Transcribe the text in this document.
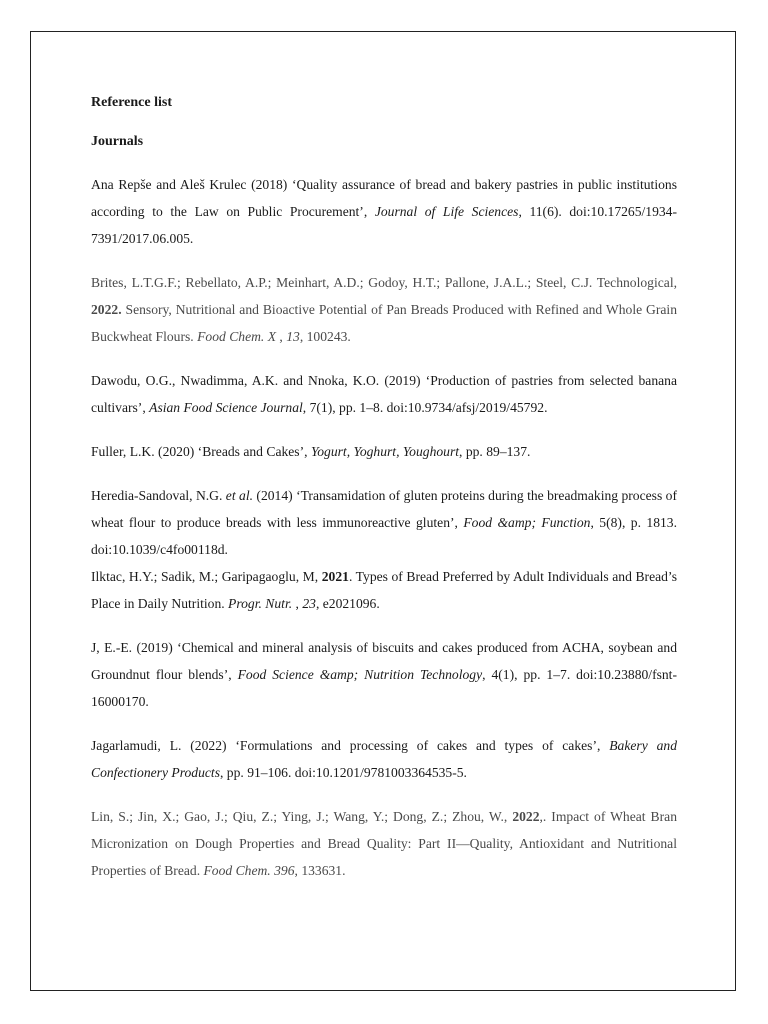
Reference list

Journals

Ana Repše and Aleš Krulec (2018) ‘Quality assurance of bread and bakery pastries in public institutions according to the Law on Public Procurement’, Journal of Life Sciences, 11(6). doi:10.17265/1934-7391/2017.06.005.

Brites, L.T.G.F.; Rebellato, A.P.; Meinhart, A.D.; Godoy, H.T.; Pallone, J.A.L.; Steel, C.J. Technological, 2022. Sensory, Nutritional and Bioactive Potential of Pan Breads Produced with Refined and Whole Grain Buckwheat Flours. Food Chem. X , 13, 100243.

Dawodu, O.G., Nwadimma, A.K. and Nnoka, K.O. (2019) ‘Production of pastries from selected banana cultivars’, Asian Food Science Journal, 7(1), pp. 1–8. doi:10.9734/afsj/2019/45792.

Fuller, L.K. (2020) ‘Breads and Cakes’, Yogurt, Yoghurt, Youghourt, pp. 89–137.

Heredia-Sandoval, N.G. et al. (2014) ‘Transamidation of gluten proteins during the breadmaking process of wheat flour to produce breads with less immunoreactive gluten’, Food &amp; Function, 5(8), p. 1813. doi:10.1039/c4fo00118d.

Ilktac, H.Y.; Sadik, M.; Garipagaoglu, M, 2021. Types of Bread Preferred by Adult Individuals and Bread’s Place in Daily Nutrition. Progr. Nutr. , 23, e2021096.

J, E.-E. (2019) ‘Chemical and mineral analysis of biscuits and cakes produced from ACHA, soybean and Groundnut flour blends’, Food Science &amp; Nutrition Technology, 4(1), pp. 1–7. doi:10.23880/fsnt-16000170.

Jagarlamudi, L. (2022) ‘Formulations and processing of cakes and types of cakes’, Bakery and Confectionery Products, pp. 91–106. doi:10.1201/9781003364535-5.

Lin, S.; Jin, X.; Gao, J.; Qiu, Z.; Ying, J.; Wang, Y.; Dong, Z.; Zhou, W., 2022,. Impact of Wheat Bran Micronization on Dough Properties and Bread Quality: Part II—Quality, Antioxidant and Nutritional Properties of Bread. Food Chem. 396, 133631.
